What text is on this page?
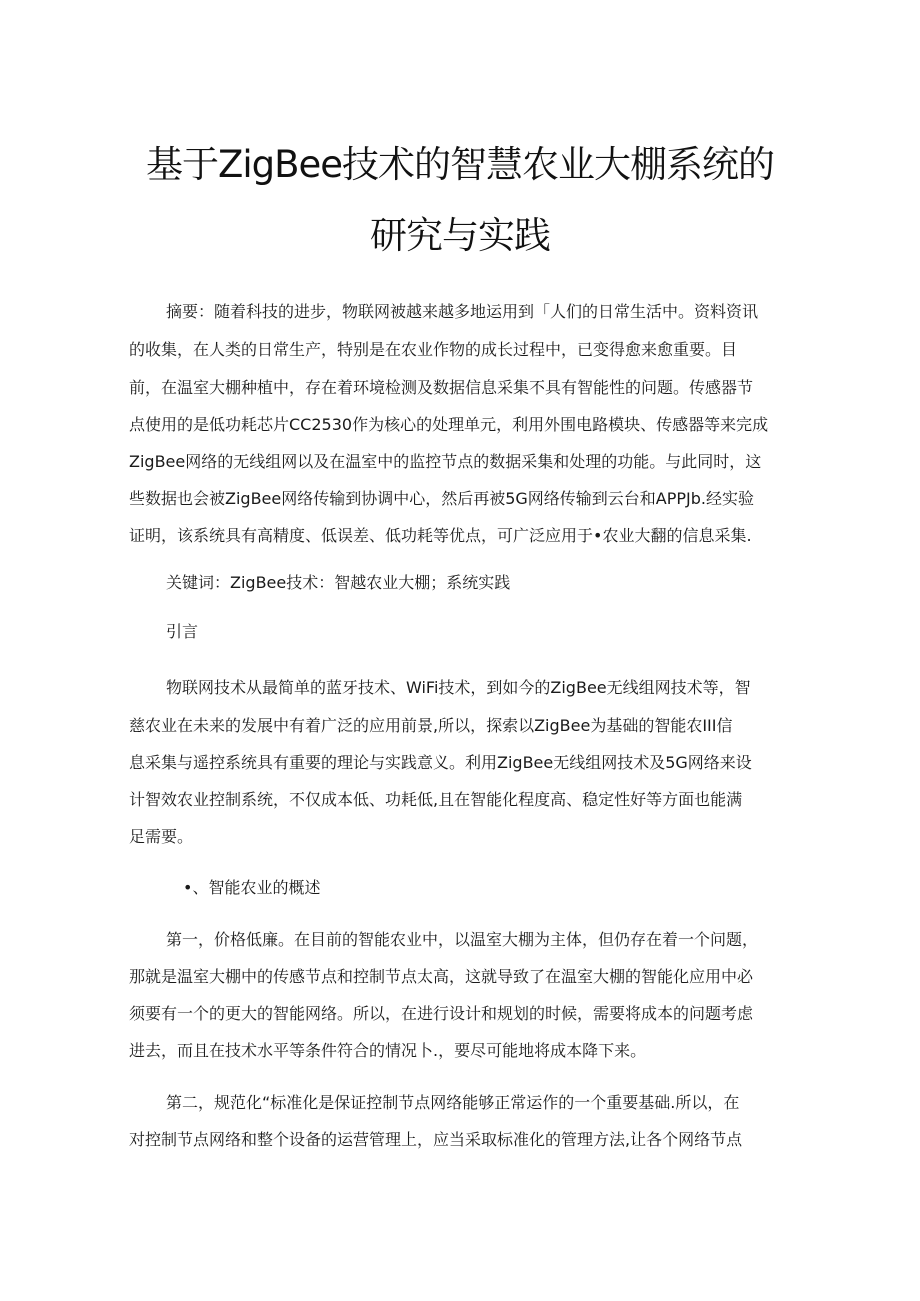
基于ZigBee技术的智慧农业大棚系统的
研究与实践
摘要：随着科技的进步，物联网被越来越多地运用到「人们的日常生活中。资料资讯
的收集，在人类的日常生产，特别是在农业作物的成长过程中，已变得愈来愈重要。目
前，在温室大棚种植中，存在着环境检测及数据信息采集不具有智能性的问题。传感器节
点使用的是低功耗芯片CC2530作为核心的处理单元，利用外围电路模块、传感器等来完成
ZigBee网络的无线组网以及在温室中的监控节点的数据采集和处理的功能。与此同时，这
些数据也会被ZigBee网络传输到协调中心，然后再被5G网络传输到云台和APPJb.经实验
证明，该系统具有高精度、低误差、低功耗等优点，可广泛应用于•农业大翻的信息采集.
关键词：ZigBee技术：智越农业大棚；系统实践
引言
物联网技术从最简单的蓝牙技术、WiFi技术，到如今的ZigBee无线组网技术等，智
慈农业在未来的发展中有着广泛的应用前景,所以，探索以ZigBee为基础的智能农III信
息采集与遥控系统具有重要的理论与实践意义。利用ZigBee无线组网技术及5G网络来设
计智效农业控制系统，不仅成本低、功耗低,且在智能化程度高、稳定性好等方面也能满
足需要。
•、智能农业的概述
第一，价格低廉。在目前的智能农业中，以温室大棚为主体，但仍存在着一个问题，
那就是温室大棚中的传感节点和控制节点太高，这就导致了在温室大棚的智能化应用中必
须要有一个的更大的智能网络。所以，在进行设计和规划的时候，需要将成本的问题考虑
进去，而且在技术水平等条件符合的情况卜.，要尽可能地将成本降下来。
第二，规范化“标准化是保证控制节点网络能够正常运作的一个重要基础.所以，在
对控制节点网络和整个设备的运营管理上，应当采取标准化的管理方法,让各个网络节点
